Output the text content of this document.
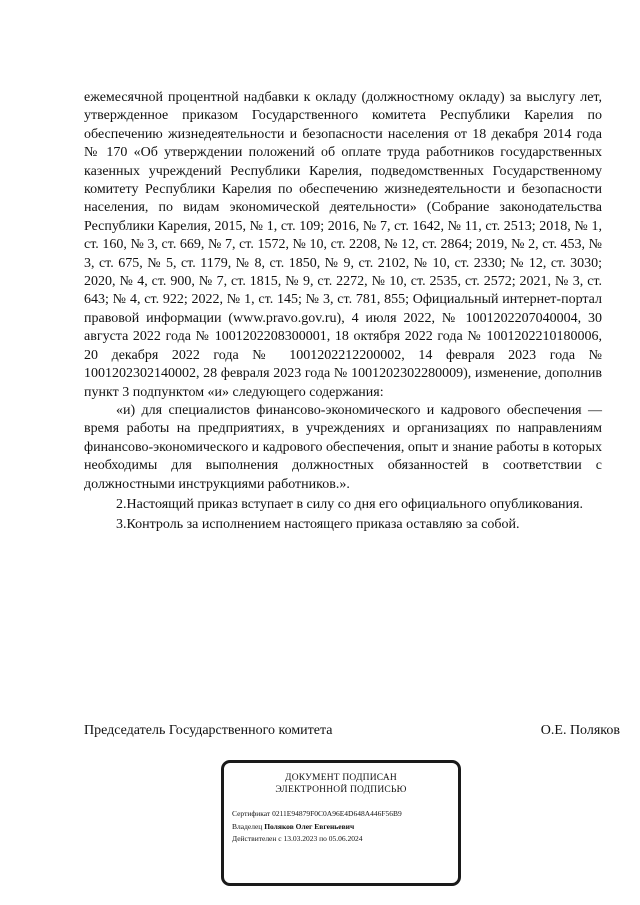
ежемесячной процентной надбавки к окладу (должностному окладу) за выслугу лет, утвержденное приказом Государственного комитета Республики Карелия по обеспечению жизнедеятельности и безопасности населения от 18 декабря 2014 года № 170 «Об утверждении положений об оплате труда работников государственных казенных учреждений Республики Карелия, подведомственных Государственному комитету Республики Карелия по обеспечению жизнедеятельности и безопасности населения, по видам экономической деятельности» (Собрание законодательства Республики Карелия, 2015, № 1, ст. 109; 2016, № 7, ст. 1642, № 11, ст. 2513; 2018, № 1, ст. 160, № 3, ст. 669, № 7, ст. 1572, № 10, ст. 2208, № 12, ст. 2864; 2019, № 2, ст. 453, № 3, ст. 675, № 5, ст. 1179, № 8, ст. 1850, № 9, ст. 2102, № 10, ст. 2330; № 12, ст. 3030; 2020, № 4, ст. 900, № 7, ст. 1815, № 9, ст. 2272, № 10, ст. 2535, ст. 2572; 2021, № 3, ст. 643; № 4, ст. 922; 2022, № 1, ст. 145; № 3, ст. 781, 855; Официальный интернет-портал правовой информации (www.pravo.gov.ru), 4 июля 2022, № 1001202207040004, 30 августа 2022 года № 1001202208300001, 18 октября 2022 года № 1001202210180006, 20 декабря 2022 года № 1001202212200002, 14 февраля 2023 года № 1001202302140002, 28 февраля 2023 года № 1001202302280009), изменение, дополнив пункт 3 подпунктом «и» следующего содержания:

«и) для специалистов финансово-экономического и кадрового обеспечения — время работы на предприятиях, в учреждениях и организациях по направлениям финансово-экономического и кадрового обеспечения, опыт и знание работы в которых необходимы для выполнения должностных обязанностей в соответствии с должностными инструкциями работников.».

2.Настоящий приказ вступает в силу со дня его официального опубликования.

3.Контроль за исполнением настоящего приказа оставляю за собой.

Председатель Государственного комитета	О.Е. Поляков
ДОКУМЕНТ ПОДПИСАН
ЭЛЕКТРОННОЙ ПОДПИСЬЮ
Сертификат 0211E94879F0C0A96E4D648A446F56B9
Владелец Поляков Олег Евгеньевич
Действителен с 13.03.2023 по 05.06.2024
